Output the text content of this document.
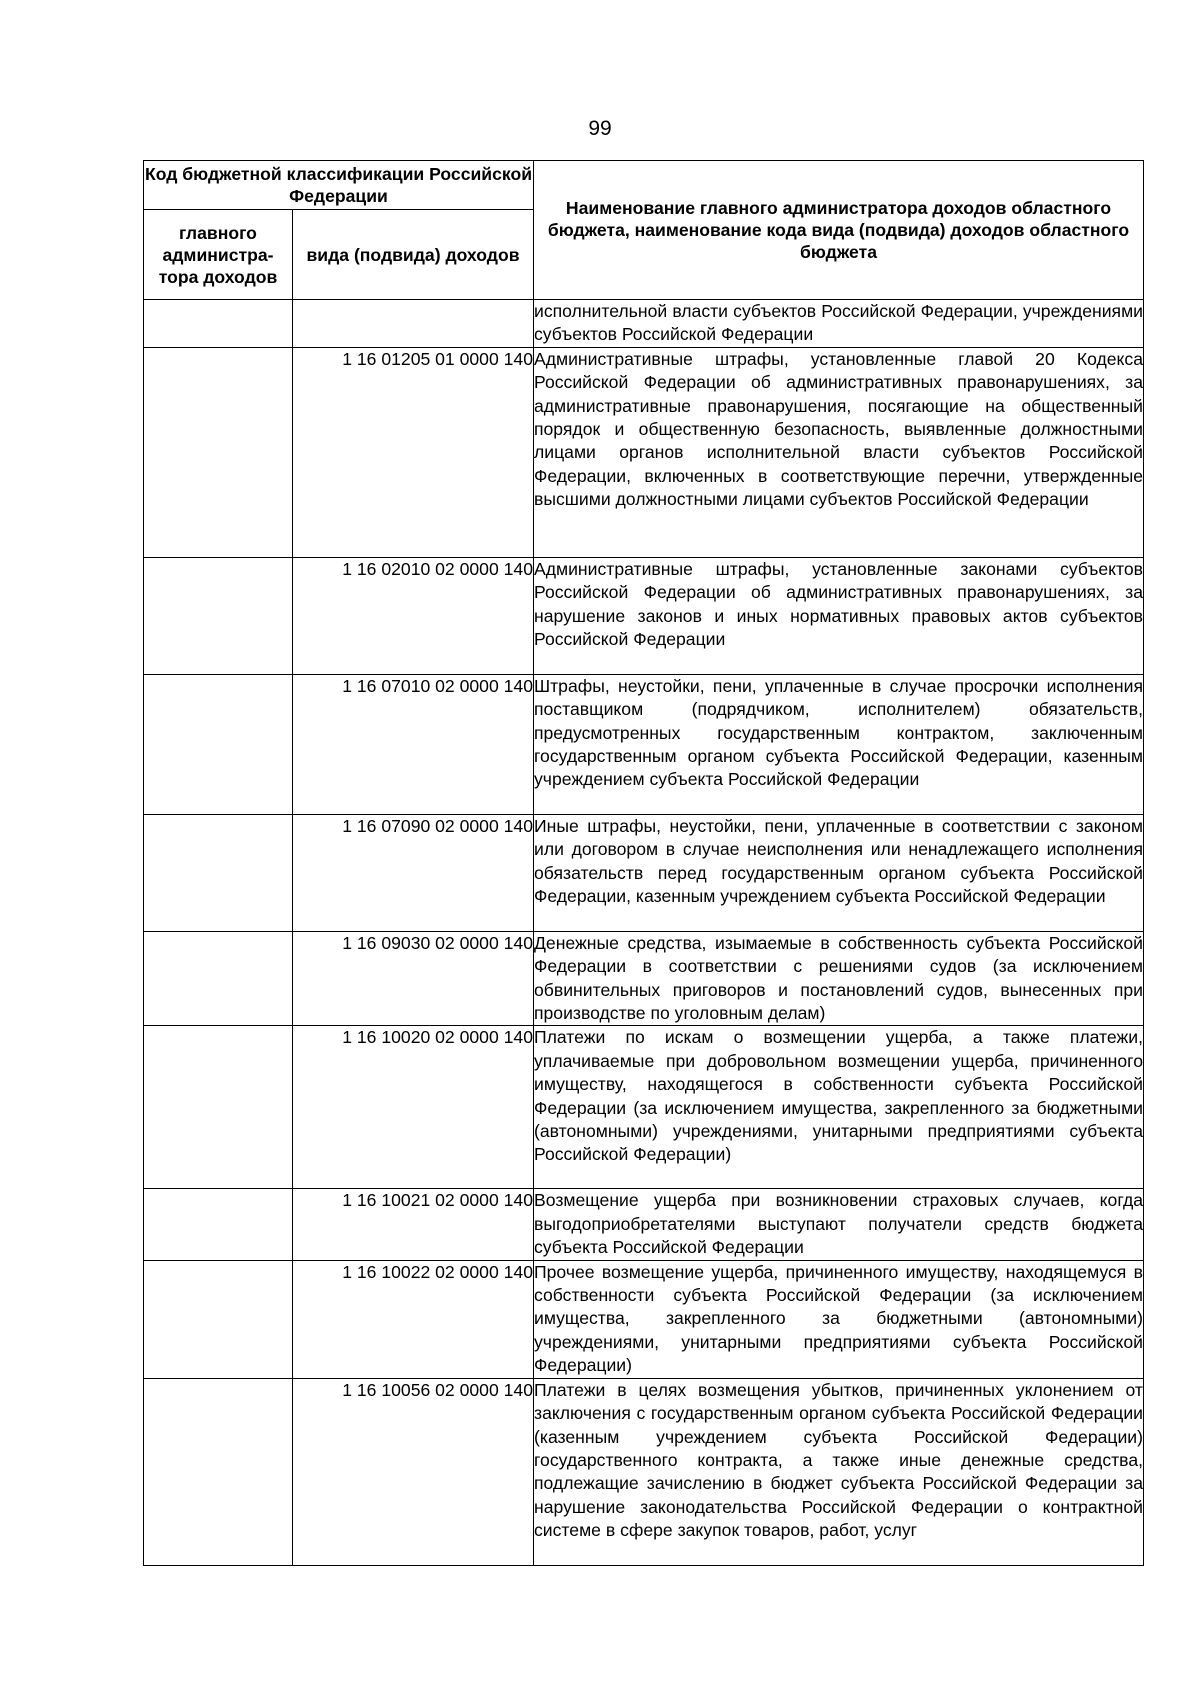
99
Код бюджетной классификации Российской Федерации		Наименование главного администратора доходов областного бюджета, наименование кода вида (подвида) доходов областного бюджета
главного администра-тора доходов	вида (подвида) доходов	
		исполнительной власти субъектов Российской Федерации, учреждениями субъектов Российской Федерации
	1 16 01205 01 0000 140	Административные штрафы, установленные главой 20 Кодекса Российской Федерации об административных правонарушениях, за административные правонарушения, посягающие на общественный порядок и общественную безопасность, выявленные должностными лицами органов исполнительной власти субъектов Российской Федерации, включенных в соответствующие перечни, утвержденные высшими должностными лицами субъектов Российской Федерации
	1 16 02010 02 0000 140	Административные штрафы, установленные законами субъектов Российской Федерации об административных правонарушениях, за нарушение законов и иных нормативных правовых актов субъектов Российской Федерации
	1 16 07010 02 0000 140	Штрафы, неустойки, пени, уплаченные в случае просрочки исполнения поставщиком (подрядчиком, исполнителем) обязательств, предусмотренных государственным контрактом, заключенным государственным органом субъекта Российской Федерации, казенным учреждением субъекта Российской Федерации
	1 16 07090 02 0000 140	Иные штрафы, неустойки, пени, уплаченные в соответствии с законом или договором в случае неисполнения или ненадлежащего исполнения обязательств перед государственным органом субъекта Российской Федерации, казенным учреждением субъекта Российской Федерации
	1 16 09030 02 0000 140	Денежные средства, изымаемые в собственность субъекта Российской Федерации в соответствии с решениями судов (за исключением обвинительных приговоров и постановлений судов, вынесенных при производстве по уголовным делам)
	1 16 10020 02 0000 140	Платежи по искам о возмещении ущерба, а также платежи, уплачиваемые при добровольном возмещении ущерба, причиненного имуществу, находящегося в собственности субъекта Российской Федерации (за исключением имущества, закрепленного за бюджетными (автономными) учреждениями, унитарными предприятиями субъекта Российской Федерации)
	1 16 10021 02 0000 140	Возмещение ущерба при возникновении страховых случаев, когда выгодоприобретателями выступают получатели средств бюджета субъекта Российской Федерации
	1 16 10022 02 0000 140	Прочее возмещение ущерба, причиненного имуществу, находящемуся в собственности субъекта Российской Федерации (за исключением имущества, закрепленного за бюджетными (автономными) учреждениями, унитарными предприятиями субъекта Российской Федерации)
	1 16 10056 02 0000 140	Платежи в целях возмещения убытков, причиненных уклонением от заключения с государственным органом субъекта Российской Федерации (казенным учреждением субъекта Российской Федерации) государственного контракта, а также иные денежные средства, подлежащие зачислению в бюджет субъекта Российской Федерации за нарушение законодательства Российской Федерации о контрактной системе в сфере закупок товаров, работ, услуг
